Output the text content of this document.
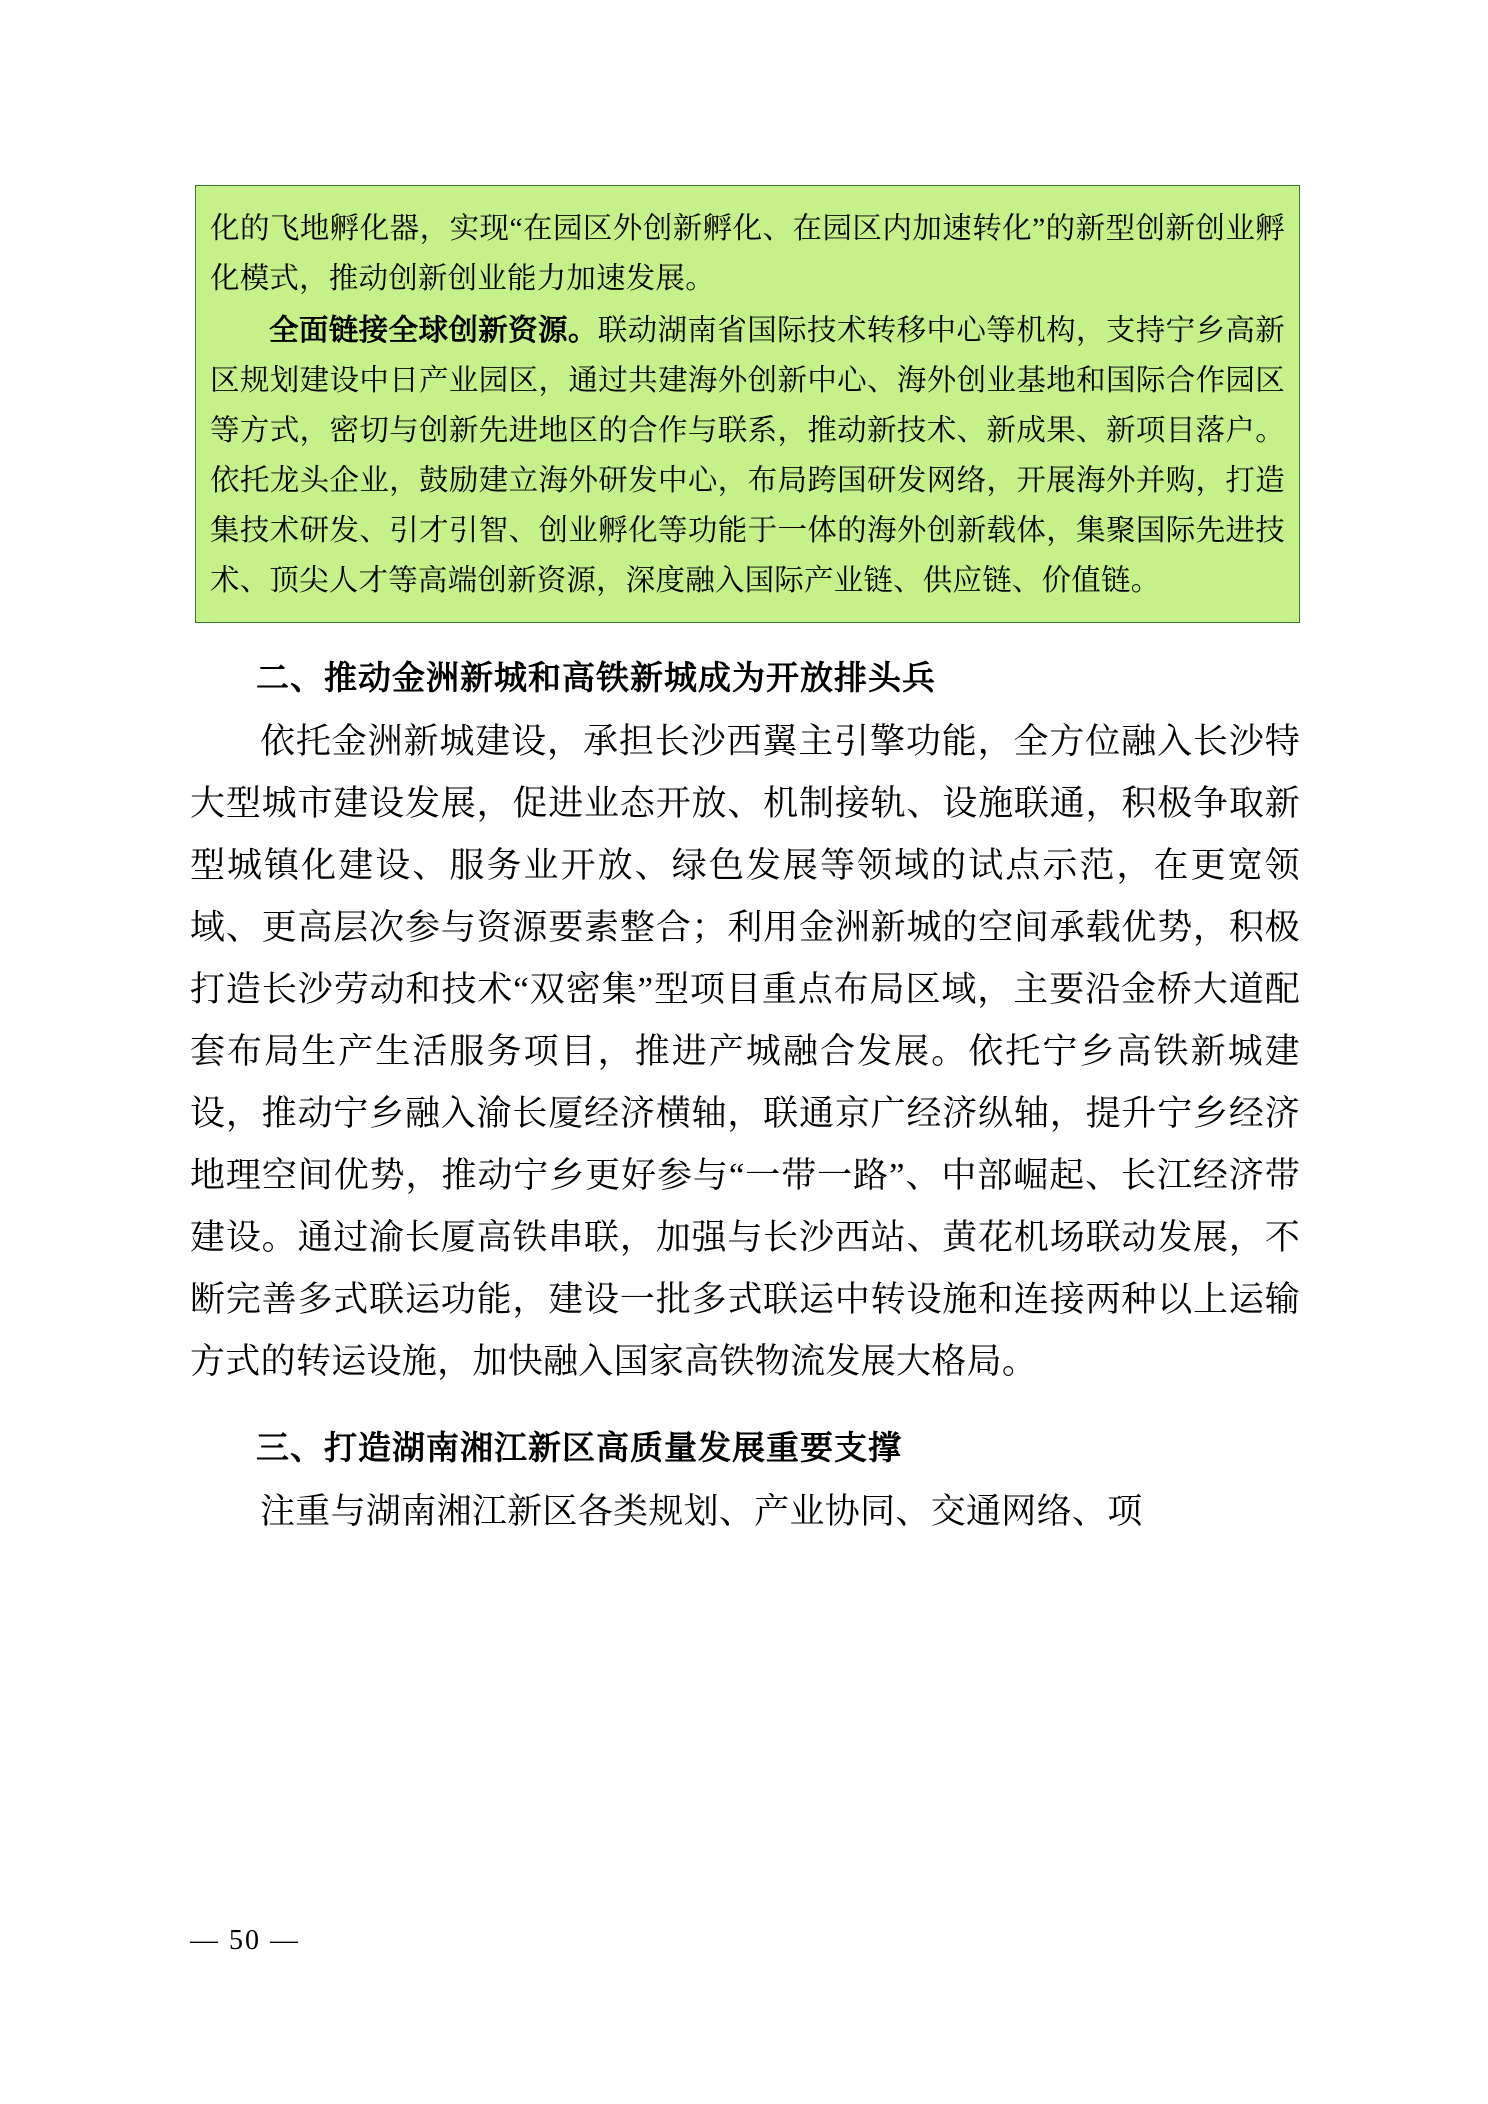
化的飞地孵化器，实现“在园区外创新孵化、在园区内加速转化”的新型创新创业孵化模式，推动创新创业能力加速发展。

全面链接全球创新资源。联动湖南省国际技术转移中心等机构，支持宁乡高新区规划建设中日产业园区，通过共建海外创新中心、海外创业基地和国际合作园区等方式，密切与创新先进地区的合作与联系，推动新技术、新成果、新项目落户。依托龙头企业，鼓励建立海外研发中心，布局跨国研发网络，开展海外并购，打造集技术研发、引才引智、创业孵化等功能于一体的海外创新载体，集聚国际先进技术、顶尖人才等高端创新资源，深度融入国际产业链、供应链、价值链。

二、推动金洲新城和高铁新城成为开放排头兵

依托金洲新城建设，承担长沙西翼主引擎功能，全方位融入长沙特大型城市建设发展，促进业态开放、机制接轨、设施联通，积极争取新型城镇化建设、服务业开放、绿色发展等领域的试点示范，在更宽领域、更高层次参与资源要素整合；利用金洲新城的空间承载优势，积极打造长沙劳动和技术“双密集”型项目重点布局区域，主要沿金桥大道配套布局生产生活服务项目，推进产城融合发展。依托宁乡高铁新城建设，推动宁乡融入渝长厦经济横轴，联通京广经济纵轴，提升宁乡经济地理空间优势，推动宁乡更好参与“一带一路”、中部崛起、长江经济带建设。通过渝长厦高铁串联，加强与长沙西站、黄花机场联动发展，不断完善多式联运功能，建设一批多式联运中转设施和连接两种以上运输方式的转运设施，加快融入国家高铁物流发展大格局。

三、打造湖南湘江新区高质量发展重要支撑

注重与湖南湘江新区各类规划、产业协同、交通网络、项

— 50 —
